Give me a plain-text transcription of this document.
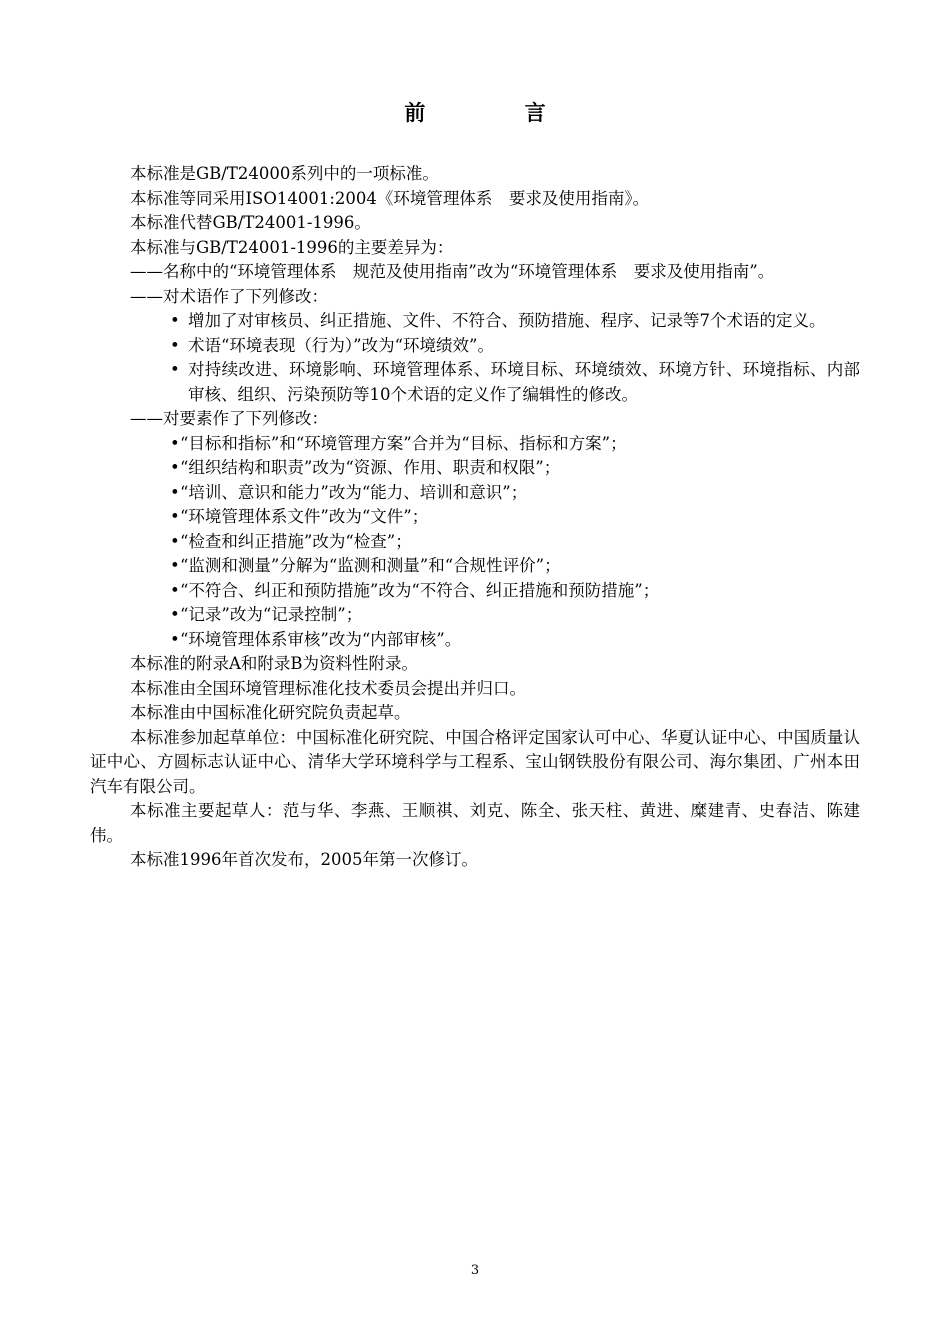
前 言

本标准是GB/T24000系列中的一项标准。

本标准等同采用ISO14001:2004《环境管理体系　要求及使用指南》。

本标准代替GB/T24001-1996。

本标准与GB/T24001-1996的主要差异为：

——名称中的“环境管理体系　规范及使用指南”改为“环境管理体系　要求及使用指南”。

——对术语作了下列修改：

• 增加了对审核员、纠正措施、文件、不符合、预防措施、程序、记录等7个术语的定义。
• 术语“环境表现（行为）”改为“环境绩效”。
• 对持续改进、环境影响、环境管理体系、环境目标、环境绩效、环境方针、环境指标、内部审核、组织、污染预防等10个术语的定义作了编辑性的修改。

——对要素作了下列修改：

• “目标和指标”和“环境管理方案”合并为“目标、指标和方案”；
• “组织结构和职责”改为“资源、作用、职责和权限”；
• “培训、意识和能力”改为“能力、培训和意识”；
• “环境管理体系文件”改为“文件”；
• “检查和纠正措施”改为“检查”；
• “监测和测量”分解为“监测和测量”和“合规性评价”；
• “不符合、纠正和预防措施”改为“不符合、纠正措施和预防措施”；
• “记录”改为“记录控制”；
• “环境管理体系审核”改为“内部审核”。

本标准的附录A和附录B为资料性附录。

本标准由全国环境管理标准化技术委员会提出并归口。

本标准由中国标准化研究院负责起草。

本标准参加起草单位：中国标准化研究院、中国合格评定国家认可中心、华夏认证中心、中国质量认证中心、方圆标志认证中心、清华大学环境科学与工程系、宝山钢铁股份有限公司、海尔集团、广州本田汽车有限公司。

本标准主要起草人：范与华、李燕、王顺祺、刘克、陈全、张天柱、黄进、糜建青、史春洁、陈建伟。

本标准1996年首次发布，2005年第一次修订。

3
